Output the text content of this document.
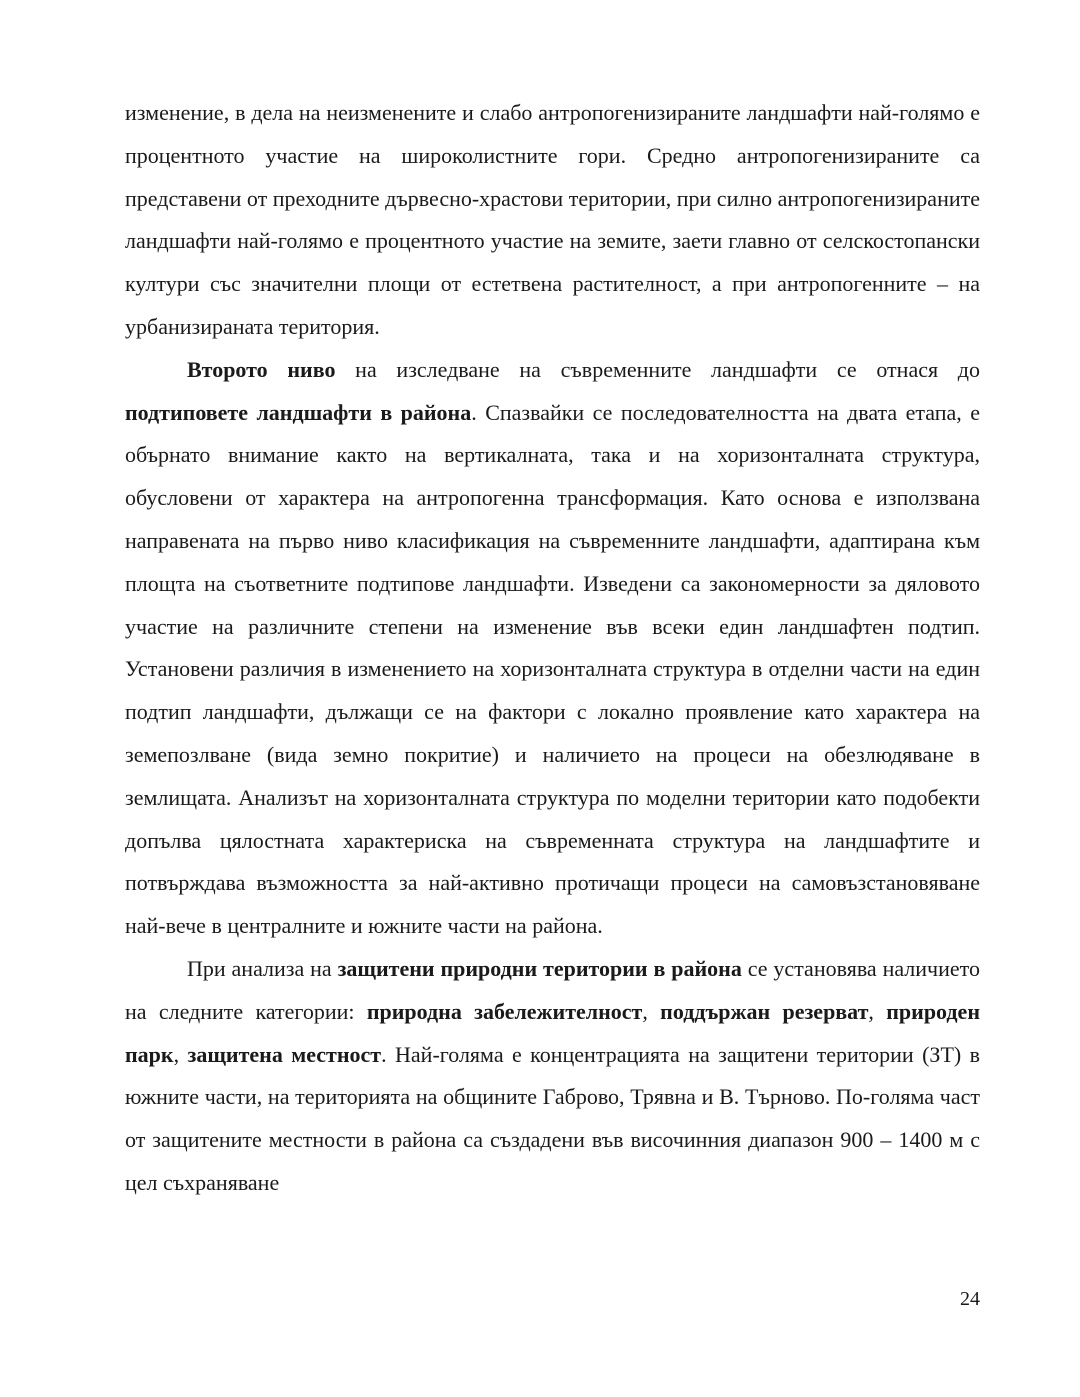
изменение, в дела на неизменените и слабо антропогенизираните ландшафти най-голямо е процентното участие на широколистните гори. Средно антропогенизираните са представени от преходните дървесно-храстови територии, при силно антропогенизираните ландшафти най-голямо е процентното участие на земите, заети главно от селскостопански култури със значителни площи от естетвена растителност, а при антропогенните – на урбанизираната територия.

Второто ниво на изследване на съвременните ландшафти се отнася до подтиповете ландшафти в района. Спазвайки се последователността на двата етапа, е обърнато внимание както на вертикалната, така и на хоризонталната структура, обусловени от характера на антропогенна трансформация. Като основа е използвана направената на първо ниво класификация на съвременните ландшафти, адаптирана към площта на съответните подтипове ландшафти. Изведени са закономерности за дяловото участие на различните степени на изменение във всеки един ландшафтен подтип. Установени различия в изменението на хоризонталната структура в отделни части на един подтип ландшафти, дължащи се на фактори с локално проявление като характера на земепозлване (вида земно покритие) и наличието на процеси на обезлюдяване в землищата. Анализът на хоризонталната структура по моделни територии като подобекти допълва цялостната характериска на съвременната структура на ландшафтите и потвърждава възможността за най-активно протичащи процеси на самовъзстановяване най-вече в централните и южните части на района.

При анализа на защитени природни територии в района се установява наличието на следните категории: природна забележителност, поддържан резерват, природен парк, защитена местност. Най-голяма е концентрацията на защитени територии (ЗТ) в южните части, на територията на общините Габрово, Трявна и В. Търново. По-голяма част от защитените местности в района са създадени във височинния диапазон 900 – 1400 м с цел съхраняване

24
